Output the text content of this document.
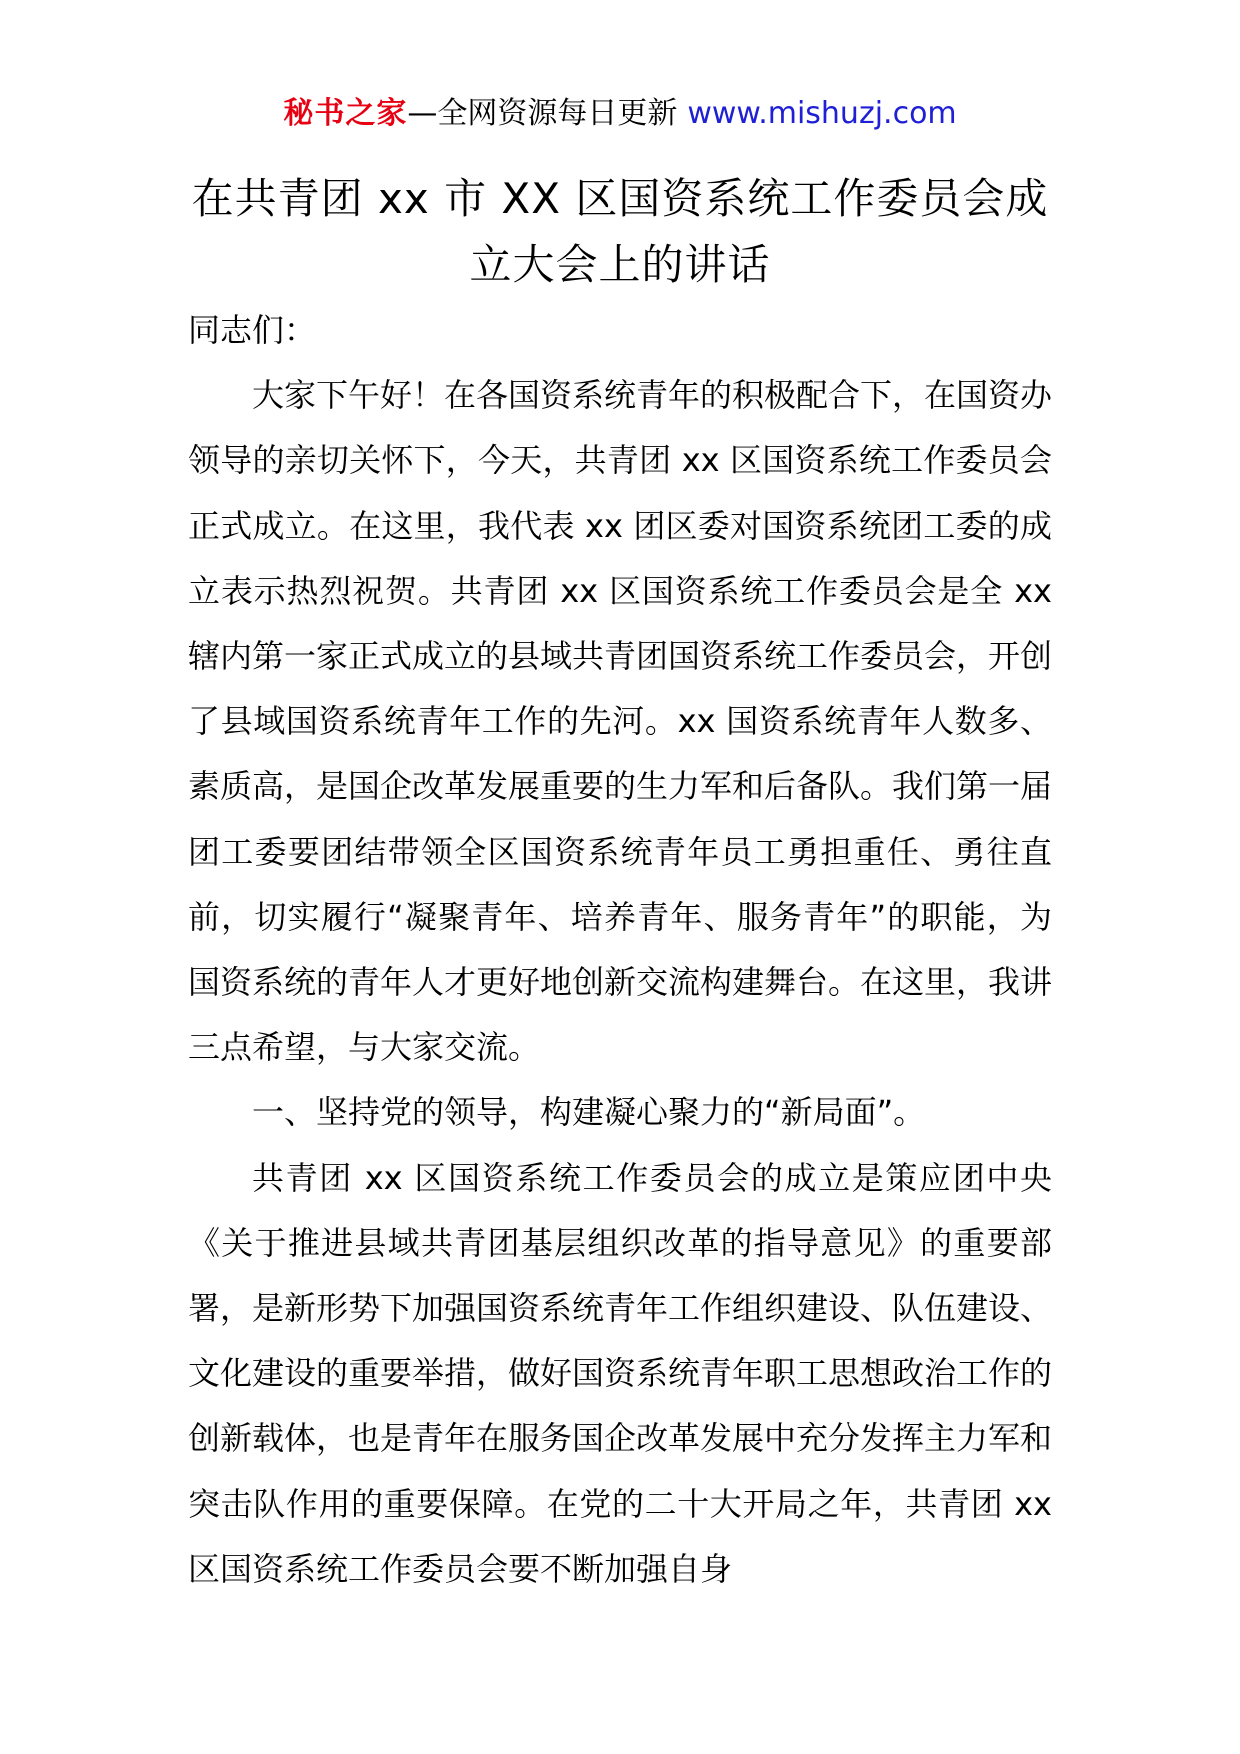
秘书之家—全网资源每日更新 www.mishuzj.com
在共青团 xx 市 XX 区国资系统工作委员会成立大会上的讲话

同志们：

大家下午好！在各国资系统青年的积极配合下，在国资办领导的亲切关怀下，今天，共青团 xx 区国资系统工作委员会正式成立。在这里，我代表 xx 团区委对国资系统团工委的成立表示热烈祝贺。共青团 xx 区国资系统工作委员会是全 xx 辖内第一家正式成立的县域共青团国资系统工作委员会，开创了县域国资系统青年工作的先河。xx 国资系统青年人数多、素质高，是国企改革发展重要的生力军和后备队。我们第一届团工委要团结带领全区国资系统青年员工勇担重任、勇往直前，切实履行“凝聚青年、培养青年、服务青年”的职能，为国资系统的青年人才更好地创新交流构建舞台。在这里，我讲三点希望，与大家交流。

一、坚持党的领导，构建凝心聚力的“新局面”。

共青团 xx 区国资系统工作委员会的成立是策应团中央《关于推进县域共青团基层组织改革的指导意见》的重要部署，是新形势下加强国资系统青年工作组织建设、队伍建设、文化建设的重要举措，做好国资系统青年职工思想政治工作的创新载体，也是青年在服务国企改革发展中充分发挥主力军和突击队作用的重要保障。在党的二十大开局之年，共青团 xx 区国资系统工作委员会要不断加强自身
